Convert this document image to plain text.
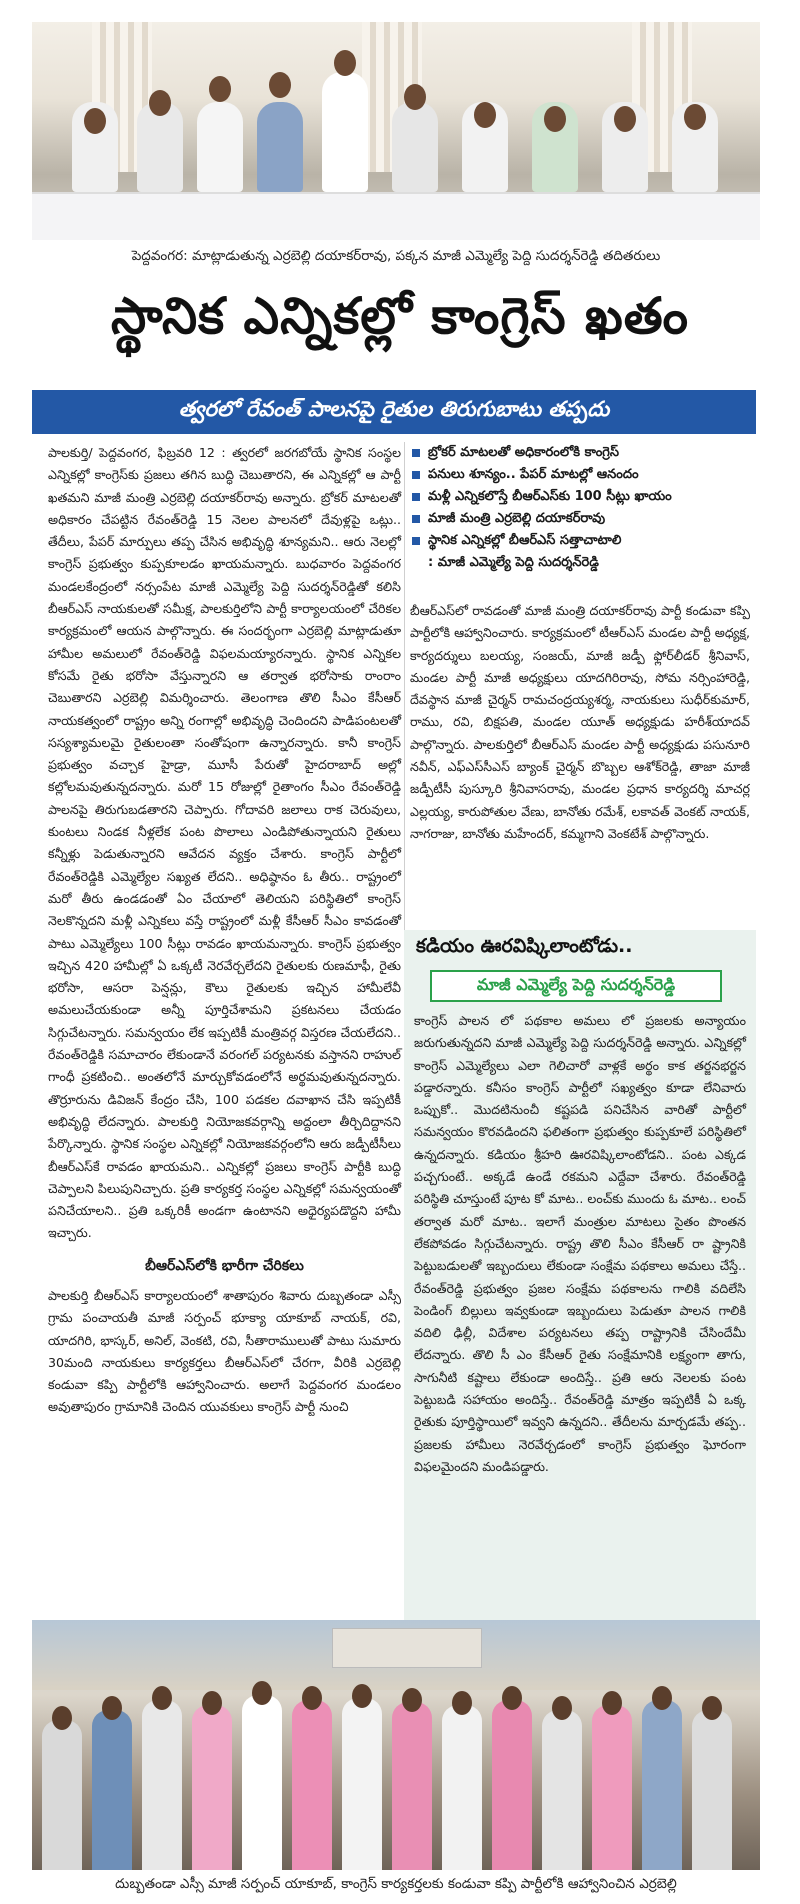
పెద్దవంగర: మాట్లాడుతున్న ఎర్రబెల్లి దయాకర్‌రావు, పక్కన మాజీ ఎమ్మెల్యే పెద్ది సుదర్శన్‌రెడ్డి తదితరులు
స్థానిక ఎన్నికల్లో కాంగ్రెస్ ఖతం
త్వరలో రేవంత్ పాలనపై రైతుల తిరుగుబాటు తప్పదు

పాలకుర్తి/ పెద్దవంగర, ఫిబ్రవరి 12 : త్వరలో జరగబోయే స్థానిక సంస్థల ఎన్నికల్లో కాంగ్రెస్‌కు ప్రజలు తగిన బుద్ధి చెబుతారని, ఈ ఎన్నికల్లో ఆ పార్టీ ఖతమని మాజీ మంత్రి ఎర్రబెల్లి దయాకర్‌రావు అన్నారు. బ్రోకర్ మాటలతో అధికారం చేపట్టిన రేవంత్‌రెడ్డి 15 నెలల పాలనలో దేవుళ్లపై ఒట్లు.. తేదీలు, పేపర్ మార్పులు తప్ప చేసిన అభివృద్ధి శూన్యమని.. ఆరు నెలల్లో కాంగ్రెస్ ప్రభుత్వం కుప్పకూలడం ఖాయమన్నారు. బుధవారం పెద్దవంగర మండలకేంద్రంలో నర్సంపేట మాజీ ఎమ్మెల్యే పెద్ది సుదర్శన్‌రెడ్డితో కలిసి బీఆర్ఎస్ నాయకులతో సమీక్ష, పాలకుర్తిలోని పార్టీ కార్యాలయంలో చేరికల కార్యక్రమంలో ఆయన పాల్గొన్నారు. ఈ సందర్భంగా ఎర్రబెల్లి మాట్లాడుతూ హామీల అమలులో రేవంత్‌రెడ్డి విఫలమయ్యారన్నారు. స్థానిక ఎన్నికల కోసమే రైతు భరోసా వేస్తున్నారని ఆ తర్వాత భరోసాకు రాంరాం చెబుతారని ఎర్రబెల్లి విమర్శించారు. తెలంగాణ తొలి సీఎం కేసీఆర్ నాయకత్వంలో రాష్ట్రం అన్ని రంగాల్లో అభివృద్ధి చెందిందని పాడిపంటలతో సస్యశ్యామలమై రైతులంతా సంతోషంగా ఉన్నారన్నారు. కానీ కాంగ్రెస్ ప్రభుత్వం వచ్చాక హైడ్రా, మూసీ పేరుతో హైదరాబాద్ అల్లో కల్లోలమవుతున్నదన్నారు. మరో 15 రోజుల్లో రైతాంగం సీఎం రేవంత్‌రెడ్డి పాలనపై తిరుగుబడతారని చెప్పారు. గోదావరి జలాలు రాక చెరువులు, కుంటలు నిండక నీళ్లలేక పంట పొలాలు ఎండిపోతున్నాయని రైతులు కన్నీళ్లు పెడుతున్నారని ఆవేదన వ్యక్తం చేశారు. కాంగ్రెస్ పార్టీలో రేవంత్‌రెడ్డికి ఎమ్మెల్యేల సఖ్యత లేదని.. అధిష్ఠానం ఓ తీరు.. రాష్ట్రంలో మరో తీరు ఉండడంతో ఏం చేయాలో తెలియని పరిస్థితిలో కాంగ్రెస్ నెలకొన్నదని మళ్లీ ఎన్నికలు వస్తే రాష్ట్రంలో మళ్లీ కేసీఆర్ సీఎం కావడంతో పాటు ఎమ్మెల్యేలు 100 సీట్లు రావడం ఖాయమన్నారు. కాంగ్రెస్ ప్రభుత్వం ఇచ్చిన 420 హామీల్లో ఏ ఒక్కటీ నెరవేర్చలేదని రైతులకు రుణమాఫీ, రైతు భరోసా, ఆసరా పెన్షన్లు, కౌలు రైతులకు ఇచ్చిన హామీలేవీ అమలుచేయకుండా అన్నీ పూర్తిచేశామని ప్రకటనలు చేయడం సిగ్గుచేటన్నారు. సమన్వయం లేక ఇప్పటికీ మంత్రివర్గ విస్తరణ చేయలేదని.. రేవంత్‌రెడ్డికి సమాచారం లేకుండానే వరంగల్ పర్యటనకు వస్తానని రాహుల్ గాంధీ ప్రకటించి.. అంతలోనే మార్చుకోవడంలోనే అర్థమవుతున్నదన్నారు. తొర్రూరును డివిజన్ కేంద్రం చేసి, 100 పడకల దవాఖాన చేసి ఇప్పటికీ అభివృద్ధి లేదన్నారు. పాలకుర్తి నియోజకవర్గాన్ని అద్దంలా తీర్చిదిద్దానని పేర్కొన్నారు. స్థానిక సంస్థల ఎన్నికల్లో నియోజకవర్గంలోని ఆరు జడ్పీటీసీలు బీఆర్ఎస్‌కే రావడం ఖాయమని.. ఎన్నికల్లో ప్రజలు కాంగ్రెస్ పార్టీకి బుద్ధి చెప్పాలని పిలుపునిచ్చారు. ప్రతి కార్యకర్త సంస్థల ఎన్నికల్లో సమన్వయంతో పనిచేయాలని.. ప్రతి ఒక్కరికీ అండగా ఉంటానని అధైర్యపడొద్దని హామీ ఇచ్చారు.

బీఆర్ఎస్‌లోకి భారీగా చేరికలు

పాలకుర్తి బీఆర్ఎస్ కార్యాలయంలో శాతాపురం శివారు దుబ్బతండా ఎస్సీ గ్రామ పంచాయతీ మాజీ సర్పంచ్ భూక్యా యాకూబ్ నాయక్, రవి, యాదగిరి, భాస్కర్, అనిల్, వెంకటి, రవి, సీతారాములుతో పాటు సుమారు 30మంది నాయకులు కార్యకర్తలు బీఆర్ఎస్‌లో చేరగా, వీరికి ఎర్రబెల్లి కండువా కప్పి పార్టీలోకి ఆహ్వానించారు. అలాగే పెద్దవంగర మండలం అవుతాపురం గ్రామానికి చెందిన యువకులు కాంగ్రెస్ పార్టీ నుంచి

బ్రోకర్ మాటలతో అధికారంలోకి కాంగ్రెస్
పనులు శూన్యం.. పేపర్ మాటల్లో ఆనందం
మళ్లీ ఎన్నికలొస్తే బీఆర్ఎస్‌కు 100 సీట్లు ఖాయం
మాజీ మంత్రి ఎర్రబెల్లి దయాకర్‌రావు
స్థానిక ఎన్నికల్లో బీఆర్ఎస్ సత్తాచాటాలి
: మాజీ ఎమ్మెల్యే పెద్ది సుదర్శన్‌రెడ్డి

బీఆర్ఎస్‌లో రావడంతో మాజీ మంత్రి దయాకర్‌రావు పార్టీ కండువా కప్పి పార్టీలోకి ఆహ్వానించారు. కార్యక్రమంలో టీఆర్ఎస్ మండల పార్టీ అధ్యక్ష, కార్యదర్శులు బలయ్య, సంజయ్, మాజీ జడ్పీ ఫ్లోర్‌లీడర్ శ్రీనివాస్, మండల పార్టీ మాజీ అధ్యక్షులు యాదగిరిరావు, సోమ నర్సింహారెడ్డి, దేవస్థాన మాజీ చైర్మన్ రామచంద్రయ్యశర్మ, నాయకులు సుధీర్‌కుమార్, రాము, రవి, బిక్షపతి, మండల యూత్ అధ్యక్షుడు హరీశ్‌యాదవ్ పాల్గొన్నారు. పాలకుర్తిలో బీఆర్ఎస్ మండల పార్టీ అధ్యక్షుడు పసునూరి నవీన్, ఎఫ్‌ఎస్‌సీఎస్ బ్యాంక్ చైర్మన్ బొబ్బల ఆశోక్‌రెడ్డి, తాజా మాజీ జడ్పీటీసీ పుస్కూరి శ్రీనివాసరావు, మండల ప్రధాన కార్యదర్శి మాచర్ల ఎల్లయ్య, కారుపోతుల వేణు, బానోతు రమేశ్, లకావత్ వెంకట్ నాయక్, నాగరాజు, బానోతు మహేందర్, కమ్మగాని వెంకటేశ్ పాల్గొన్నారు.

కడియం ఊరవిష్కిలాంటోడు..
మాజీ ఎమ్మెల్యే పెద్ది సుదర్శన్‌రెడ్డి

కాంగ్రెస్ పాలన లో పథకాల అమలు లో ప్రజలకు అన్యాయం జరుగుతున్నదని మాజీ ఎమ్మెల్యే పెద్ది సుదర్శన్‌రెడ్డి అన్నారు. ఎన్నికల్లో కాంగ్రెస్ ఎమ్మెల్యేలు ఎలా గెలిచారో వాళ్లకే అర్థం కాక తర్జనభర్జన పడ్డారన్నారు. కనీసం కాంగ్రెస్ పార్టీలో సఖ్యత్వం కూడా లేనివారు ఒప్పుకో.. మొదటినుంచీ కష్టపడి పనిచేసిన వారితో పార్టీలో సమన్వయం కొరవడిందని ఫలితంగా ప్రభుత్వం కుప్పకూలే పరిస్థితిలో ఉన్నదన్నారు. కడియం శ్రీహరి ఊరవిష్కిలాంటోడని.. పంట ఎక్కడ పచ్చగుంటే.. అక్కడే ఉండే రకమని ఎద్దేవా చేశారు. రేవంత్‌రెడ్డి పరిస్థితి చూస్తుంటే పూట కో మాట.. లంచ్‌కు ముందు ఓ మాట.. లంచ్ తర్వాత మరో మాట.. ఇలాగే మంత్రుల మాటలు సైతం పొంతన లేకపోవడం సిగ్గుచేటన్నారు. రాష్ట్ర తొలి సీఎం కేసీఆర్ రా ష్ట్రానికి పెట్టుబడులతో ఇబ్బందులు లేకుండా సంక్షేమ పథకాలు అమలు చేస్తే.. రేవంత్‌రెడ్డి ప్రభుత్వం ప్రజల సంక్షేమ పథకాలను గాలికి వదిలేసి పెండింగ్ బిల్లులు ఇవ్వకుండా ఇబ్బందులు పెడుతూ పాలన గాలికి వదిలి ఢిల్లీ, విదేశాల పర్యటనలు తప్ప రాష్ట్రానికి చేసిందేమీ లేదన్నారు. తొలి సీ ఎం కేసీఆర్ రైతు సంక్షేమానికి లక్ష్యంగా తాగు, సాగునీటి కష్టాలు లేకుండా అందిస్తే.. ప్రతి ఆరు నెలలకు పంట పెట్టుబడి సహాయం అందిస్తే.. రేవంత్‌రెడ్డి మాత్రం ఇప్పటికీ ఏ ఒక్క రైతుకు పూర్తిస్థాయిలో ఇవ్వని ఉన్నదని.. తేదీలను మార్చడమే తప్ప.. ప్రజలకు హామీలు నెరవేర్చడంలో కాంగ్రెస్ ప్రభుత్వం ఘోరంగా విఫలమైందని మండిపడ్డారు.

దుబ్బతండా ఎస్సీ మాజీ సర్పంచ్ యాకూబ్, కాంగ్రెస్ కార్యకర్తలకు కండువా కప్పి పార్టీలోకి ఆహ్వానించిన ఎర్రబెల్లి
